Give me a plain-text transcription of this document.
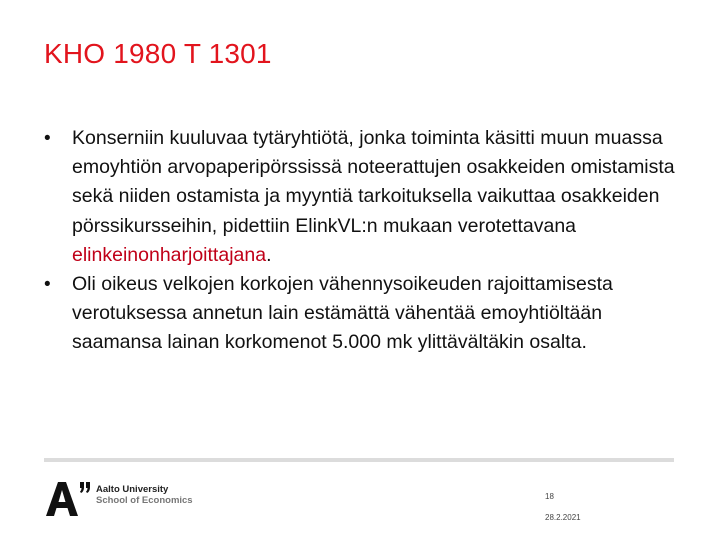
KHO 1980 T 1301
• Konserniin kuuluvaa tytäryhtiötä, jonka toiminta käsitti muun muassa emoyhtiön arvopaperipörssissä noteerattujen osakkeiden omistamista sekä niiden ostamista ja myyntiä tarkoituksella vaikuttaa osakkeiden pörssikursseihin, pidettiin ElinkVL:n mukaan verotettavana elinkeinonharjoittajana.
• Oli oikeus velkojen korkojen vähennysoikeuden rajoittamisesta verotuksessa annetun lain estämättä vähentää emoyhtiöltään saamansa lainan korkomenot 5.000 mk ylittävältäkin osalta.
Aalto University
School of Economics	18
28.2.2021
